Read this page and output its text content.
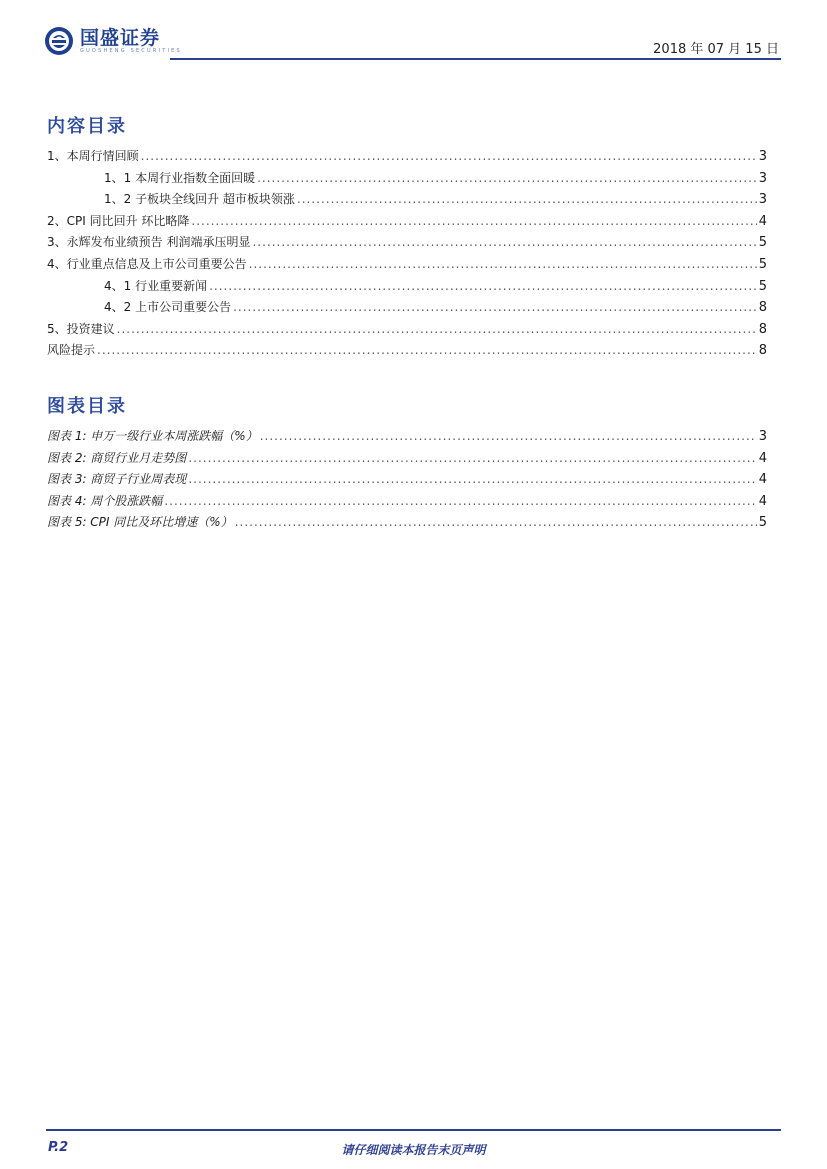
国盛证券
GUOSHENG SECURITIES	2018 年 07 月 15 日
内容目录
1、本周行情回顾 .....	3
1、1 本周行业指数全面回暖 .....	3
1、2 子板块全线回升 超市板块领涨 .....	3
2、CPI 同比回升 环比略降 .....	4
3、永辉发布业绩预告 利润端承压明显 .....	5
4、行业重点信息及上市公司重要公告 .....	5
4、1 行业重要新闻 .....	5
4、2 上市公司重要公告 .....	8
5、投资建议 .....	8
风险提示 .....	8
图表目录
图表 1: 申万一级行业本周涨跌幅（%） .....	3
图表 2: 商贸行业月走势图 .....	4
图表 3: 商贸子行业周表现 .....	4
图表 4: 周个股涨跌幅 .....	4
图表 5: CPI 同比及环比增速（%） .....	5
P.2	请仔细阅读本报告末页声明
